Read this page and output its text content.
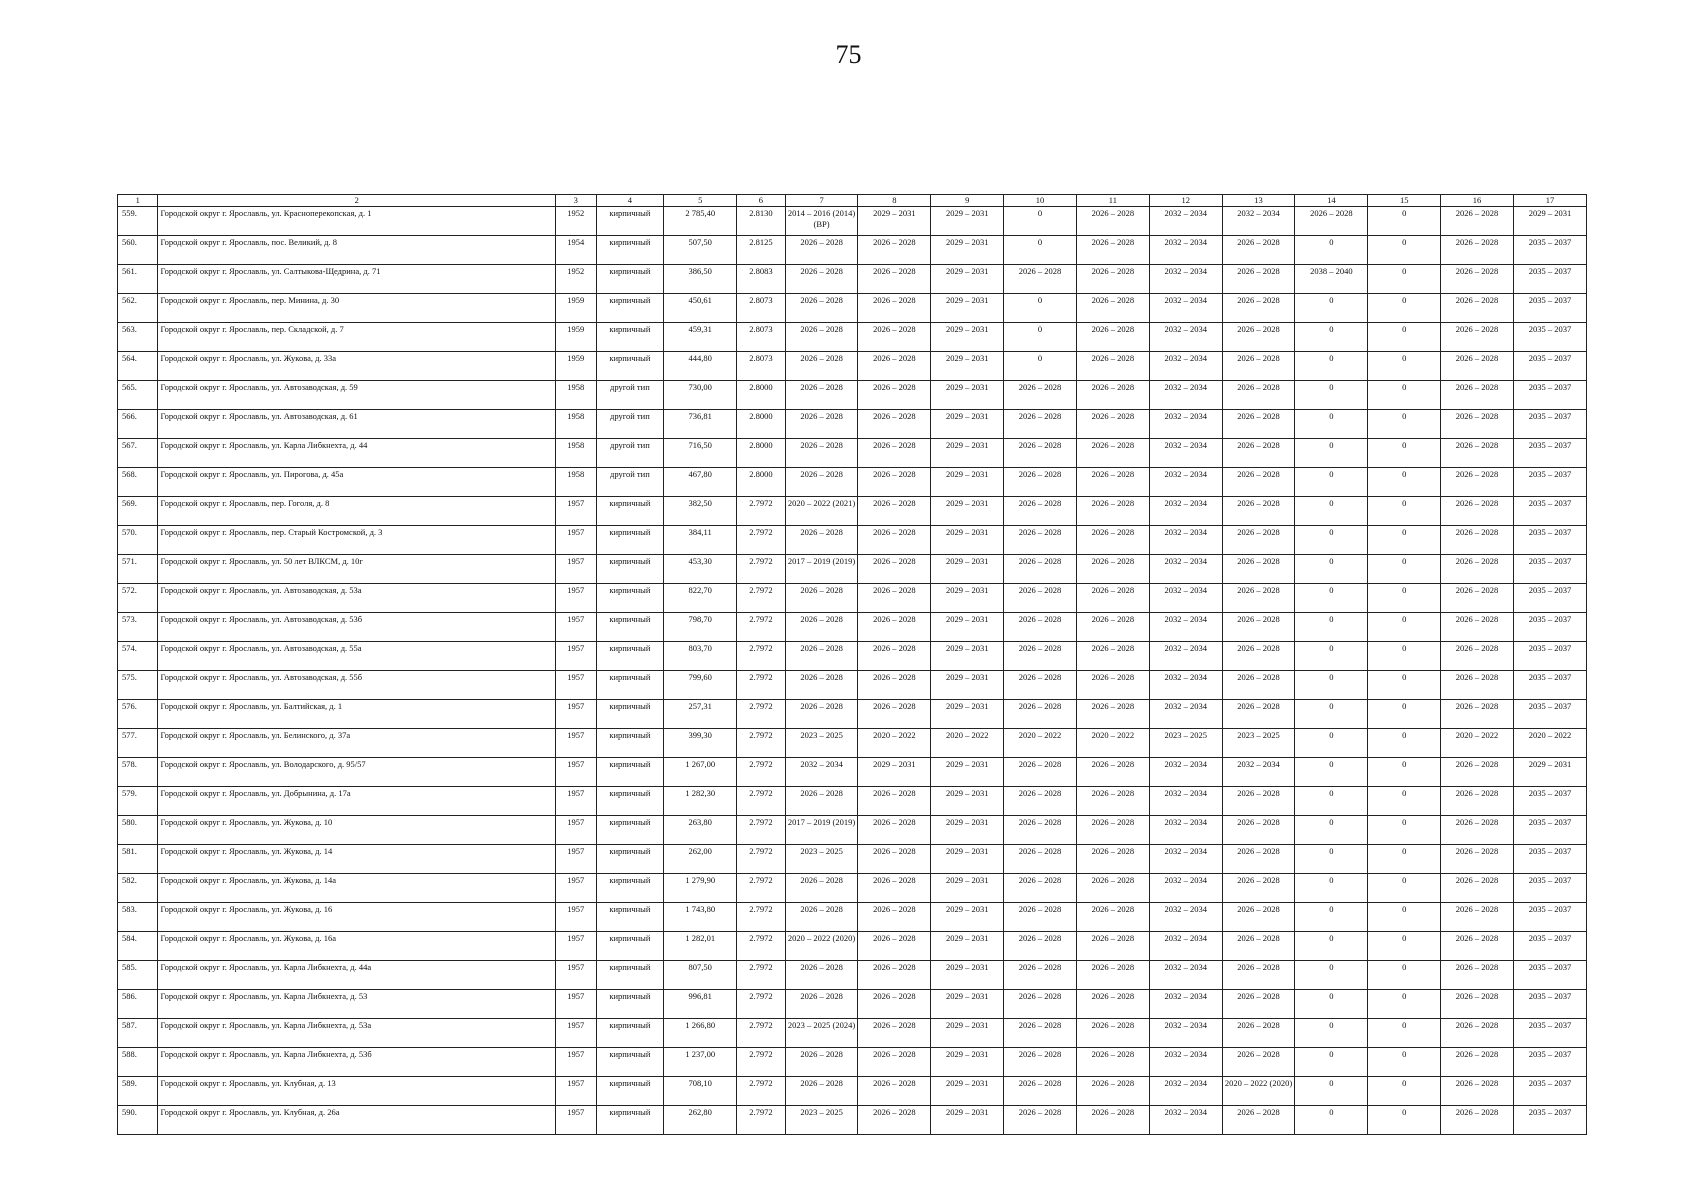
75
1	2	3	4	5	6	7	8	9	10	11	12	13	14	15	16	17
559.	Городской округ г. Ярославль, ул. Красноперекопская, д. 1	1952	кирпичный	2 785,40	2.8130	2014 – 2016 (2014) (ВР)	2029 – 2031	2029 – 2031	0	2026 – 2028	2032 – 2034	2032 – 2034	2026 – 2028	0	2026 – 2028	2029 – 2031
560.	Городской округ г. Ярославль, пос. Великий, д. 8	1954	кирпичный	507,50	2.8125	2026 – 2028	2026 – 2028	2029 – 2031	0	2026 – 2028	2032 – 2034	2026 – 2028	0	0	2026 – 2028	2035 – 2037
561.	Городской округ г. Ярославль, ул. Салтыкова-Щедрина, д. 71	1952	кирпичный	386,50	2.8083	2026 – 2028	2026 – 2028	2029 – 2031	2026 – 2028	2026 – 2028	2032 – 2034	2026 – 2028	2038 – 2040	0	2026 – 2028	2035 – 2037
562.	Городской округ г. Ярославль, пер. Минина, д. 30	1959	кирпичный	450,61	2.8073	2026 – 2028	2026 – 2028	2029 – 2031	0	2026 – 2028	2032 – 2034	2026 – 2028	0	0	2026 – 2028	2035 – 2037
563.	Городской округ г. Ярославль, пер. Складской, д. 7	1959	кирпичный	459,31	2.8073	2026 – 2028	2026 – 2028	2029 – 2031	0	2026 – 2028	2032 – 2034	2026 – 2028	0	0	2026 – 2028	2035 – 2037
564.	Городской округ г. Ярославль, ул. Жукова, д. 33а	1959	кирпичный	444,80	2.8073	2026 – 2028	2026 – 2028	2029 – 2031	0	2026 – 2028	2032 – 2034	2026 – 2028	0	0	2026 – 2028	2035 – 2037
565.	Городской округ г. Ярославль, ул. Автозаводская, д. 59	1958	другой тип	730,00	2.8000	2026 – 2028	2026 – 2028	2029 – 2031	2026 – 2028	2026 – 2028	2032 – 2034	2026 – 2028	0	0	2026 – 2028	2035 – 2037
566.	Городской округ г. Ярославль, ул. Автозаводская, д. 61	1958	другой тип	736,81	2.8000	2026 – 2028	2026 – 2028	2029 – 2031	2026 – 2028	2026 – 2028	2032 – 2034	2026 – 2028	0	0	2026 – 2028	2035 – 2037
567.	Городской округ г. Ярославль, ул. Карла Либкнехта, д. 44	1958	другой тип	716,50	2.8000	2026 – 2028	2026 – 2028	2029 – 2031	2026 – 2028	2026 – 2028	2032 – 2034	2026 – 2028	0	0	2026 – 2028	2035 – 2037
568.	Городской округ г. Ярославль, ул. Пирогова, д. 45а	1958	другой тип	467,80	2.8000	2026 – 2028	2026 – 2028	2029 – 2031	2026 – 2028	2026 – 2028	2032 – 2034	2026 – 2028	0	0	2026 – 2028	2035 – 2037
569.	Городской округ г. Ярославль, пер. Гоголя, д. 8	1957	кирпичный	382,50	2.7972	2020 – 2022 (2021)	2026 – 2028	2029 – 2031	2026 – 2028	2026 – 2028	2032 – 2034	2026 – 2028	0	0	2026 – 2028	2035 – 2037
570.	Городской округ г. Ярославль, пер. Старый Костромской, д. 3	1957	кирпичный	384,11	2.7972	2026 – 2028	2026 – 2028	2029 – 2031	2026 – 2028	2026 – 2028	2032 – 2034	2026 – 2028	0	0	2026 – 2028	2035 – 2037
571.	Городской округ г. Ярославль, ул. 50 лет ВЛКСМ, д. 10г	1957	кирпичный	453,30	2.7972	2017 – 2019 (2019)	2026 – 2028	2029 – 2031	2026 – 2028	2026 – 2028	2032 – 2034	2026 – 2028	0	0	2026 – 2028	2035 – 2037
572.	Городской округ г. Ярославль, ул. Автозаводская, д. 53а	1957	кирпичный	822,70	2.7972	2026 – 2028	2026 – 2028	2029 – 2031	2026 – 2028	2026 – 2028	2032 – 2034	2026 – 2028	0	0	2026 – 2028	2035 – 2037
573.	Городской округ г. Ярославль, ул. Автозаводская, д. 53б	1957	кирпичный	798,70	2.7972	2026 – 2028	2026 – 2028	2029 – 2031	2026 – 2028	2026 – 2028	2032 – 2034	2026 – 2028	0	0	2026 – 2028	2035 – 2037
574.	Городской округ г. Ярославль, ул. Автозаводская, д. 55а	1957	кирпичный	803,70	2.7972	2026 – 2028	2026 – 2028	2029 – 2031	2026 – 2028	2026 – 2028	2032 – 2034	2026 – 2028	0	0	2026 – 2028	2035 – 2037
575.	Городской округ г. Ярославль, ул. Автозаводская, д. 55б	1957	кирпичный	799,60	2.7972	2026 – 2028	2026 – 2028	2029 – 2031	2026 – 2028	2026 – 2028	2032 – 2034	2026 – 2028	0	0	2026 – 2028	2035 – 2037
576.	Городской округ г. Ярославль, ул. Балтийская, д. 1	1957	кирпичный	257,31	2.7972	2026 – 2028	2026 – 2028	2029 – 2031	2026 – 2028	2026 – 2028	2032 – 2034	2026 – 2028	0	0	2026 – 2028	2035 – 2037
577.	Городской округ г. Ярославль, ул. Белинского, д. 37а	1957	кирпичный	399,30	2.7972	2023 – 2025	2020 – 2022	2020 – 2022	2020 – 2022	2020 – 2022	2023 – 2025	2023 – 2025	0	0	2020 – 2022	2020 – 2022
578.	Городской округ г. Ярославль, ул. Володарского, д. 95/57	1957	кирпичный	1 267,00	2.7972	2032 – 2034	2029 – 2031	2029 – 2031	2026 – 2028	2026 – 2028	2032 – 2034	2032 – 2034	0	0	2026 – 2028	2029 – 2031
579.	Городской округ г. Ярославль, ул. Добрынина, д. 17а	1957	кирпичный	1 282,30	2.7972	2026 – 2028	2026 – 2028	2029 – 2031	2026 – 2028	2026 – 2028	2032 – 2034	2026 – 2028	0	0	2026 – 2028	2035 – 2037
580.	Городской округ г. Ярославль, ул. Жукова, д. 10	1957	кирпичный	263,80	2.7972	2017 – 2019 (2019)	2026 – 2028	2029 – 2031	2026 – 2028	2026 – 2028	2032 – 2034	2026 – 2028	0	0	2026 – 2028	2035 – 2037
581.	Городской округ г. Ярославль, ул. Жукова, д. 14	1957	кирпичный	262,00	2.7972	2023 – 2025	2026 – 2028	2029 – 2031	2026 – 2028	2026 – 2028	2032 – 2034	2026 – 2028	0	0	2026 – 2028	2035 – 2037
582.	Городской округ г. Ярославль, ул. Жукова, д. 14а	1957	кирпичный	1 279,90	2.7972	2026 – 2028	2026 – 2028	2029 – 2031	2026 – 2028	2026 – 2028	2032 – 2034	2026 – 2028	0	0	2026 – 2028	2035 – 2037
583.	Городской округ г. Ярославль, ул. Жукова, д. 16	1957	кирпичный	1 743,80	2.7972	2026 – 2028	2026 – 2028	2029 – 2031	2026 – 2028	2026 – 2028	2032 – 2034	2026 – 2028	0	0	2026 – 2028	2035 – 2037
584.	Городской округ г. Ярославль, ул. Жукова, д. 16а	1957	кирпичный	1 282,01	2.7972	2020 – 2022 (2020)	2026 – 2028	2029 – 2031	2026 – 2028	2026 – 2028	2032 – 2034	2026 – 2028	0	0	2026 – 2028	2035 – 2037
585.	Городской округ г. Ярославль, ул. Карла Либкнехта, д. 44а	1957	кирпичный	807,50	2.7972	2026 – 2028	2026 – 2028	2029 – 2031	2026 – 2028	2026 – 2028	2032 – 2034	2026 – 2028	0	0	2026 – 2028	2035 – 2037
586.	Городской округ г. Ярославль, ул. Карла Либкнехта, д. 53	1957	кирпичный	996,81	2.7972	2026 – 2028	2026 – 2028	2029 – 2031	2026 – 2028	2026 – 2028	2032 – 2034	2026 – 2028	0	0	2026 – 2028	2035 – 2037
587.	Городской округ г. Ярославль, ул. Карла Либкнехта, д. 53а	1957	кирпичный	1 266,80	2.7972	2023 – 2025 (2024)	2026 – 2028	2029 – 2031	2026 – 2028	2026 – 2028	2032 – 2034	2026 – 2028	0	0	2026 – 2028	2035 – 2037
588.	Городской округ г. Ярославль, ул. Карла Либкнехта, д. 53б	1957	кирпичный	1 237,00	2.7972	2026 – 2028	2026 – 2028	2029 – 2031	2026 – 2028	2026 – 2028	2032 – 2034	2026 – 2028	0	0	2026 – 2028	2035 – 2037
589.	Городской округ г. Ярославль, ул. Клубная, д. 13	1957	кирпичный	708,10	2.7972	2026 – 2028	2026 – 2028	2029 – 2031	2026 – 2028	2026 – 2028	2032 – 2034	2020 – 2022 (2020)	0	0	2026 – 2028	2035 – 2037
590.	Городской округ г. Ярославль, ул. Клубная, д. 26а	1957	кирпичный	262,80	2.7972	2023 – 2025	2026 – 2028	2029 – 2031	2026 – 2028	2026 – 2028	2032 – 2034	2026 – 2028	0	0	2026 – 2028	2035 – 2037
